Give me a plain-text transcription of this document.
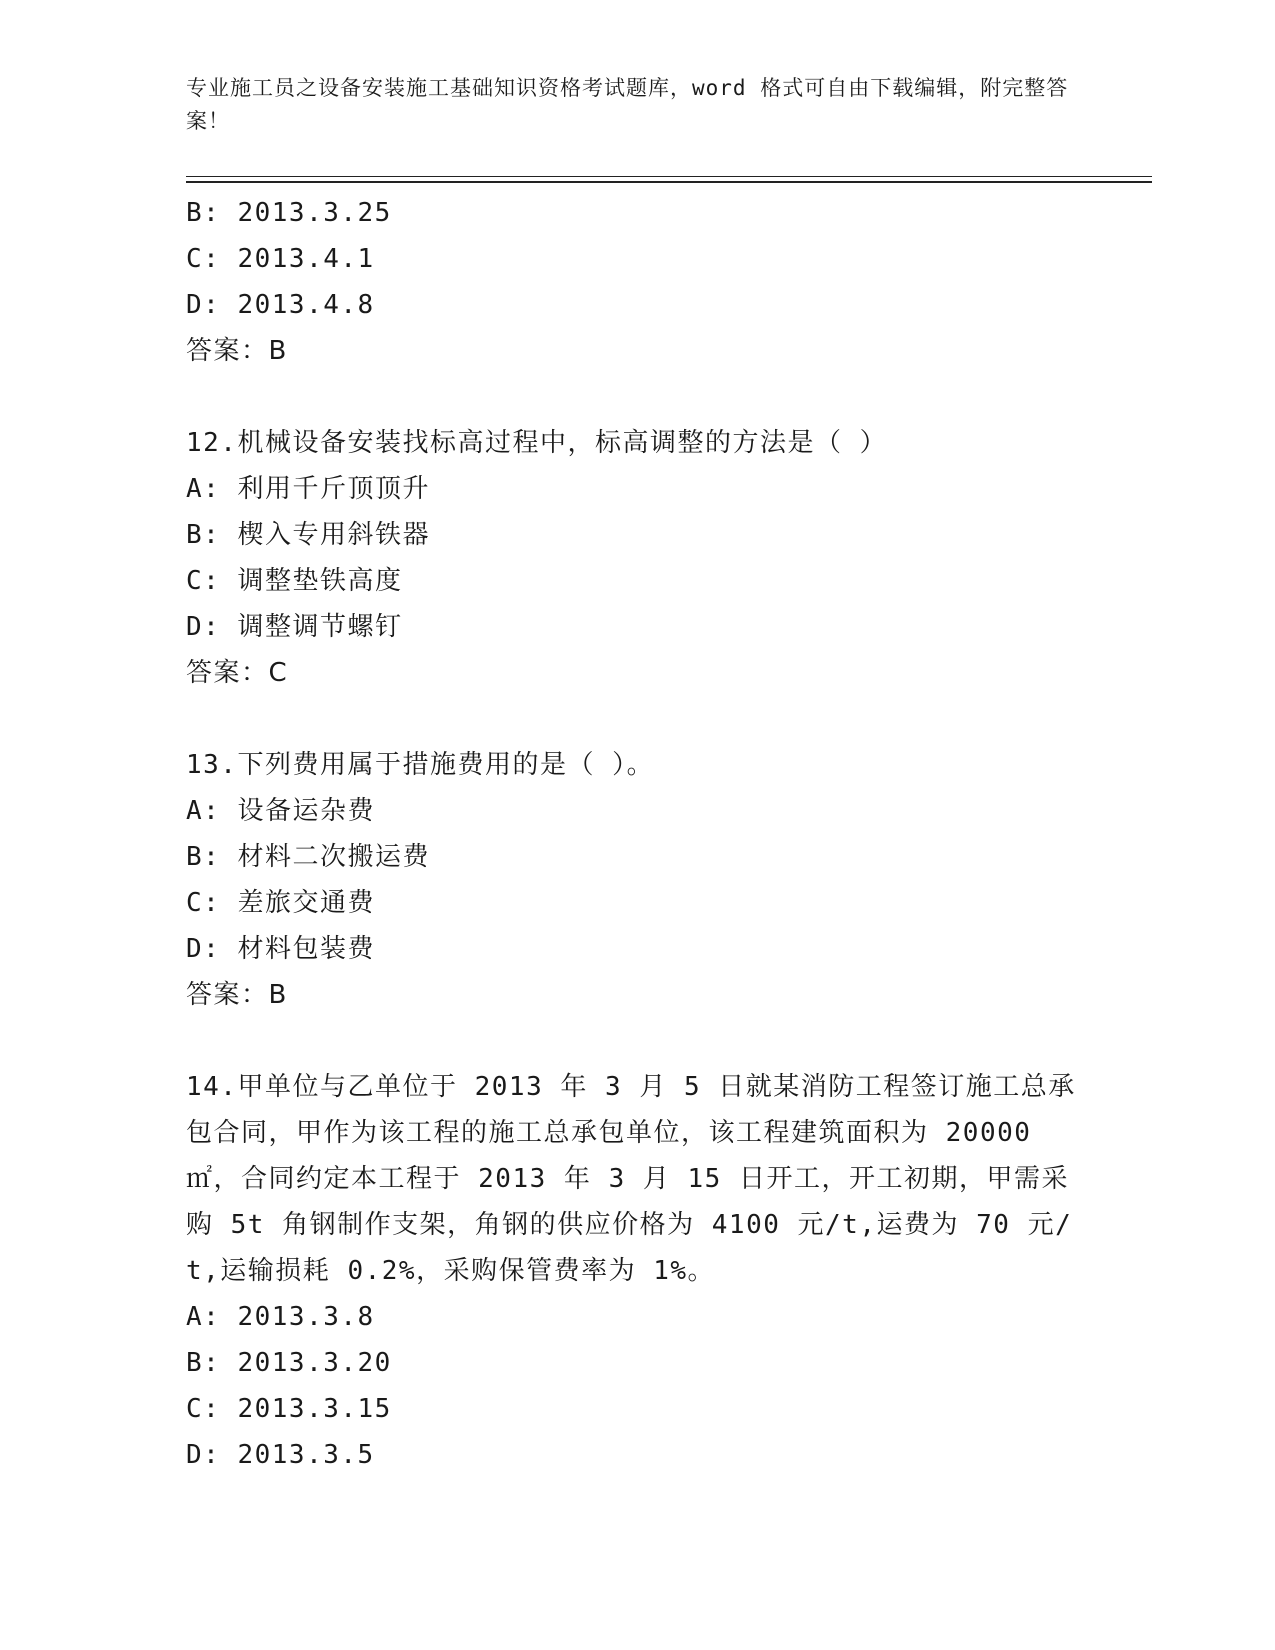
专业施工员之设备安装施工基础知识资格考试题库，word 格式可自由下载编辑，附完整答案！
B: 2013.3.25
C: 2013.4.1
D: 2013.4.8
答案：B
12.机械设备安装找标高过程中，标高调整的方法是（ ）
A: 利用千斤顶顶升
B: 楔入专用斜铁器
C: 调整垫铁高度
D: 调整调节螺钉
答案：C
13.下列费用属于措施费用的是（ ）。
A: 设备运杂费
B: 材料二次搬运费
C: 差旅交通费
D: 材料包装费
答案：B
14.甲单位与乙单位于 2013 年 3 月 5 日就某消防工程签订施工总承包合同，甲作为该工程的施工总承包单位，该工程建筑面积为 20000㎡，合同约定本工程于 2013 年 3 月 15 日开工，开工初期，甲需采购 5t 角钢制作支架，角钢的供应价格为 4100 元/t,运费为 70 元/t,运输损耗 0.2%，采购保管费率为 1%。
A: 2013.3.8
B: 2013.3.20
C: 2013.3.15
D: 2013.3.5
